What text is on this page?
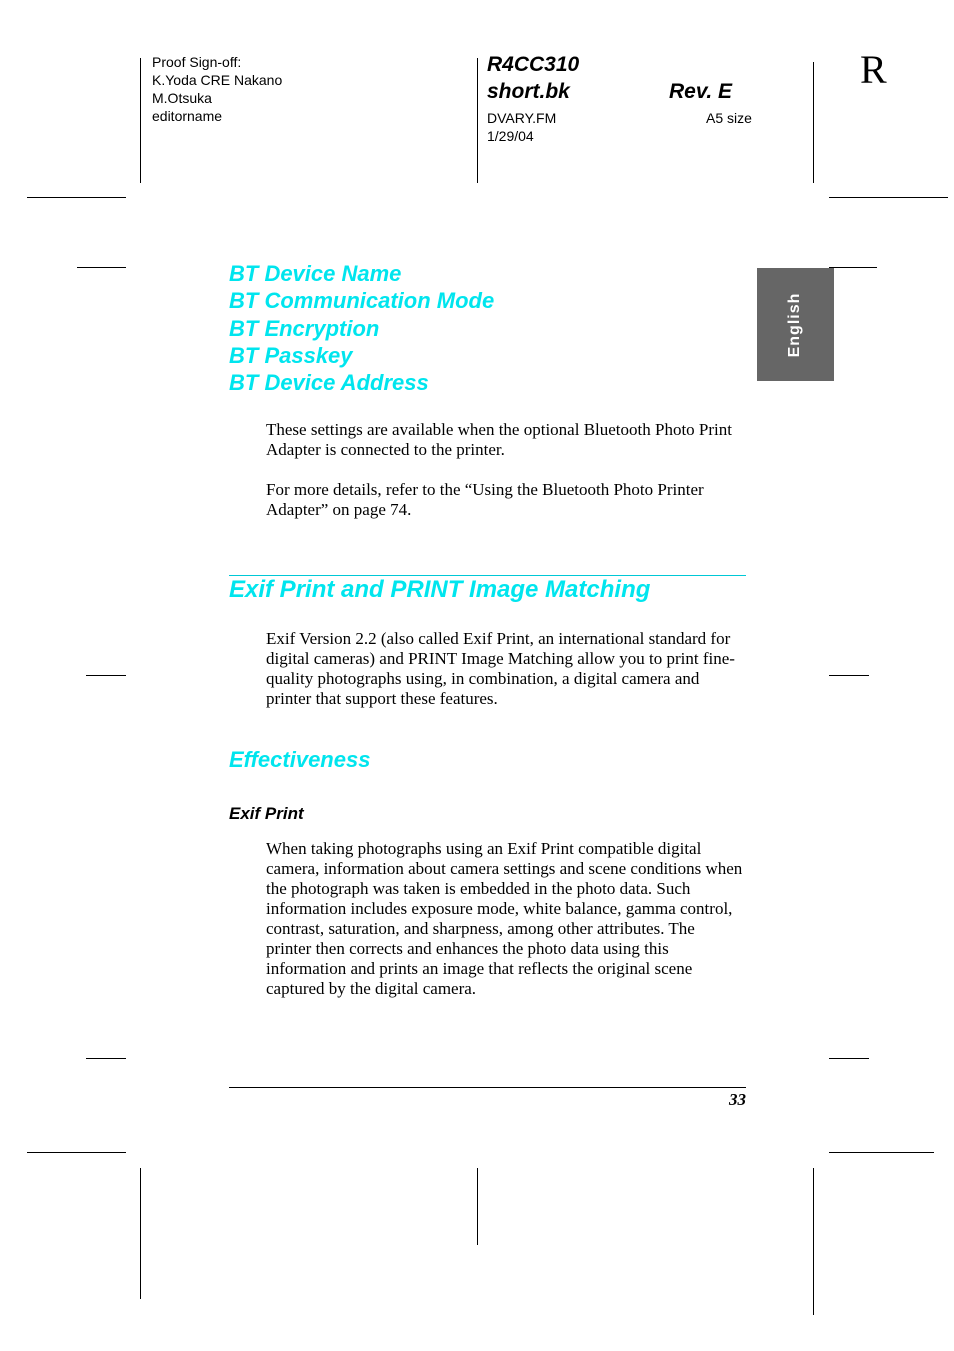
Proof Sign-off:
K.Yoda CRE Nakano
M.Otsuka
editorname
R4CC310
short.bk	Rev. E
DVARY.FM
1/29/04
A5 size
R
English
BT Device Name
BT Communication Mode
BT Encryption
BT Passkey
BT Device Address
These settings are available when the optional Bluetooth Photo Print Adapter is connected to the printer.
For more details, refer to the “Using the Bluetooth Photo Printer Adapter” on page 74.
Exif Print and PRINT Image Matching
Exif Version 2.2 (also called Exif Print, an international standard for digital cameras) and PRINT Image Matching allow you to print fine-quality photographs using, in combination, a digital camera and printer that support these features.
Effectiveness
Exif Print
When taking photographs using an Exif Print compatible digital camera, information about camera settings and scene conditions when the photograph was taken is embedded in the photo data. Such information includes exposure mode, white balance, gamma control, contrast, saturation, and sharpness, among other attributes. The printer then corrects and enhances the photo data using this information and prints an image that reflects the original scene captured by the digital camera.
33
